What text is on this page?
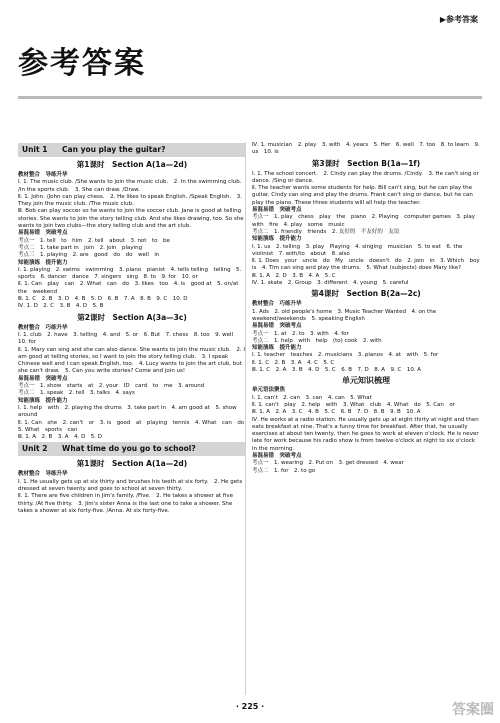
▶参考答案
参考答案
Unit 1 Can you play the guitar?
第1课时　Section A(1a—2d)
教材整合　导练升华
Ⅰ. 1. The music club. /She wants to join the music club.　2. In the swimming club. /In the sports club.　3. She can draw. /Draw.
Ⅱ. 1. John. /John can play chess.　2. He likes to speak English. /Speak English.　3. They join the music club. /The music club.
Ⅲ. Bob can play soccer so he wants to join the soccer club. Jane is good at telling stories. She wants to join the story telling club. And she likes drawing, too. So she wants to join two clubs—the story telling club and the art club.
易混易错　突破考点
考点一　1. tell　to　him　2. tell　about　3. not　to　be
考点二　1. take part in　join　2. join　playing
考点三　1. playing　2. are　good　do　do　well　in
知能演练　提升能力
Ⅰ. 1. playing　2. swims　swimming　3. piano　pianist　4. tells telling　telling　5. sports　6. dancer　dance　7. singers　sing　8. to　9. for　10. or
Ⅱ. 1. Can　play　can　2. What　can　do　3. likes　too　4. is　good at　5. on/at　the　weekend
Ⅲ. 1. C　2. B　3. D　4. B　5. D　6. B　7. A　8. B　9. C　10. D
Ⅳ. 1. D　2. C　3. B　4. D　5. B
第2课时　Section A(3a—3c)
教材整合　巧练升华
Ⅰ. 1. club　2. have　3. telling　4. and　5. or　6. But　7. chess　8. too　9. well　10. for
Ⅱ. 1. Mary can sing and she can also dance. She wants to join the music club.　2. I am good at telling stories, so I want to join the story telling club.　3. I speak Chinese well and I can speak English, too.　4. Lucy wants to join the art club, but she can't draw.　5. Can you write stories? Come and join us!
易混易错　突破考点
考点一　1. show　starts　at　2. your　ID　card　to　me　3. around
考点二　1. speak　2. tell　3. talks　4. says
知能演练　提升能力
Ⅰ. 1. help　with　2. playing the drums　3. take part in　4. am good at　5. show　around
Ⅱ. 1. Can　she　2. can't　or　3. is　good　at　playing　tennis　4. What　can　do　5. What　sports　can
Ⅲ. 1. A　2. B　3. A　4. D　5. D
Unit 2 What time do you go to school?
第1课时　Section A(1a—2d)
教材整合　导练升华
Ⅰ. 1. He usually gets up at six thirty and brushes his teeth at six forty.　2. He gets dressed at seven twenty and goes to school at seven thirty.
Ⅱ. 1. There are five children in Jim's family. /Five.　2. He takes a shower at five thirty. /At five thirty.　3. Jim's sister Anna is the last one to take a shower. She takes a shower at six forty-five. /Anna. At six forty-five.
Ⅳ. 1. musician　2. play　3. with　4. years　5. Her　6. well　7. too　8. to learn　9. us　10. is
第3课时　Section B(1a—1f)
Ⅰ. 1. The school concert.　2. Cindy can play the drums. /Cindy.　3. He can't sing or dance. /Sing or dance.
Ⅱ. The teacher wants some students for help. Bill can't sing, but he can play the guitar. Cindy can sing and play the drums. Frank can't sing or dance, but he can play the piano. These three students will all help the teacher.
易混易错　突破考点
考点一　1. play　chess　play　the　piano　2. Playing　computer games　3. play　with　fire　4. play　some　music
考点二　1. friendly　friends　2. 友好的　不友好的　友谊
知能演练　提升能力
Ⅰ. 1. us　2. telling　3. play　Playing　4. singing　musician　5. to eat　6. the　violinist　7. with/to　about　8. also
Ⅱ. 1. Does　your　uncle　do　My　uncle　doesn't　do　2. join　in　3. Which　boy　is　4. Tim can sing and play the drums.　5. What (subjects) does Mary like?
Ⅲ. 1. A　2. D　3. B　4. A　5. C
Ⅳ. 1. skate　2. Group　3. different　4. young　5. careful
第4课时　Section B(2a—2c)
教材整合　巧练升华
1. Ads　2. old people's home　3. Music Teacher Wanted　4. on the weekend/weekends　5. speaking English
易混易错　突破考点
考点一　1. at　2. to　3. with　4. for
考点二　1. help　with　help　(to) cook　2. with
知能演练　提升能力
Ⅰ. 1. teacher　teaches　2. musicians　3. pianos　4. at　with　5. for
Ⅱ. 1. C　2. B　3. A　4. C　5. C
Ⅲ. 1. C　2. A　3. B　4. D　5. C　6. B　7. D　8. A　9. C　10. A
单元知识梳理
单元语法聚焦
Ⅰ. 1. can't　2. can　3. can　4. can　5. What
Ⅱ. 1. can't　play　2. help　with　3. What　club　4. What　do　5. Can　or
Ⅲ. 1. A　2. A　3. C　4. B　5. C　6. B　7. D　8. B　9. B　10. A
Ⅳ. He works at a radio station. He usually gets up at eight thirty at night and then eats breakfast at nine. That's a funny time for breakfast. After that, he usually exercises at about ten twenty, then he goes to work at eleven o'clock. He is never late for work because his radio show is from twelve o'clock at night to six o'clock in the morning.
易混易错　突破考点
考点一　1. wearing　2. Put on　3. get dressed　4. wear
考点二　1. for　2. to go
· 225 ·	答案圈
